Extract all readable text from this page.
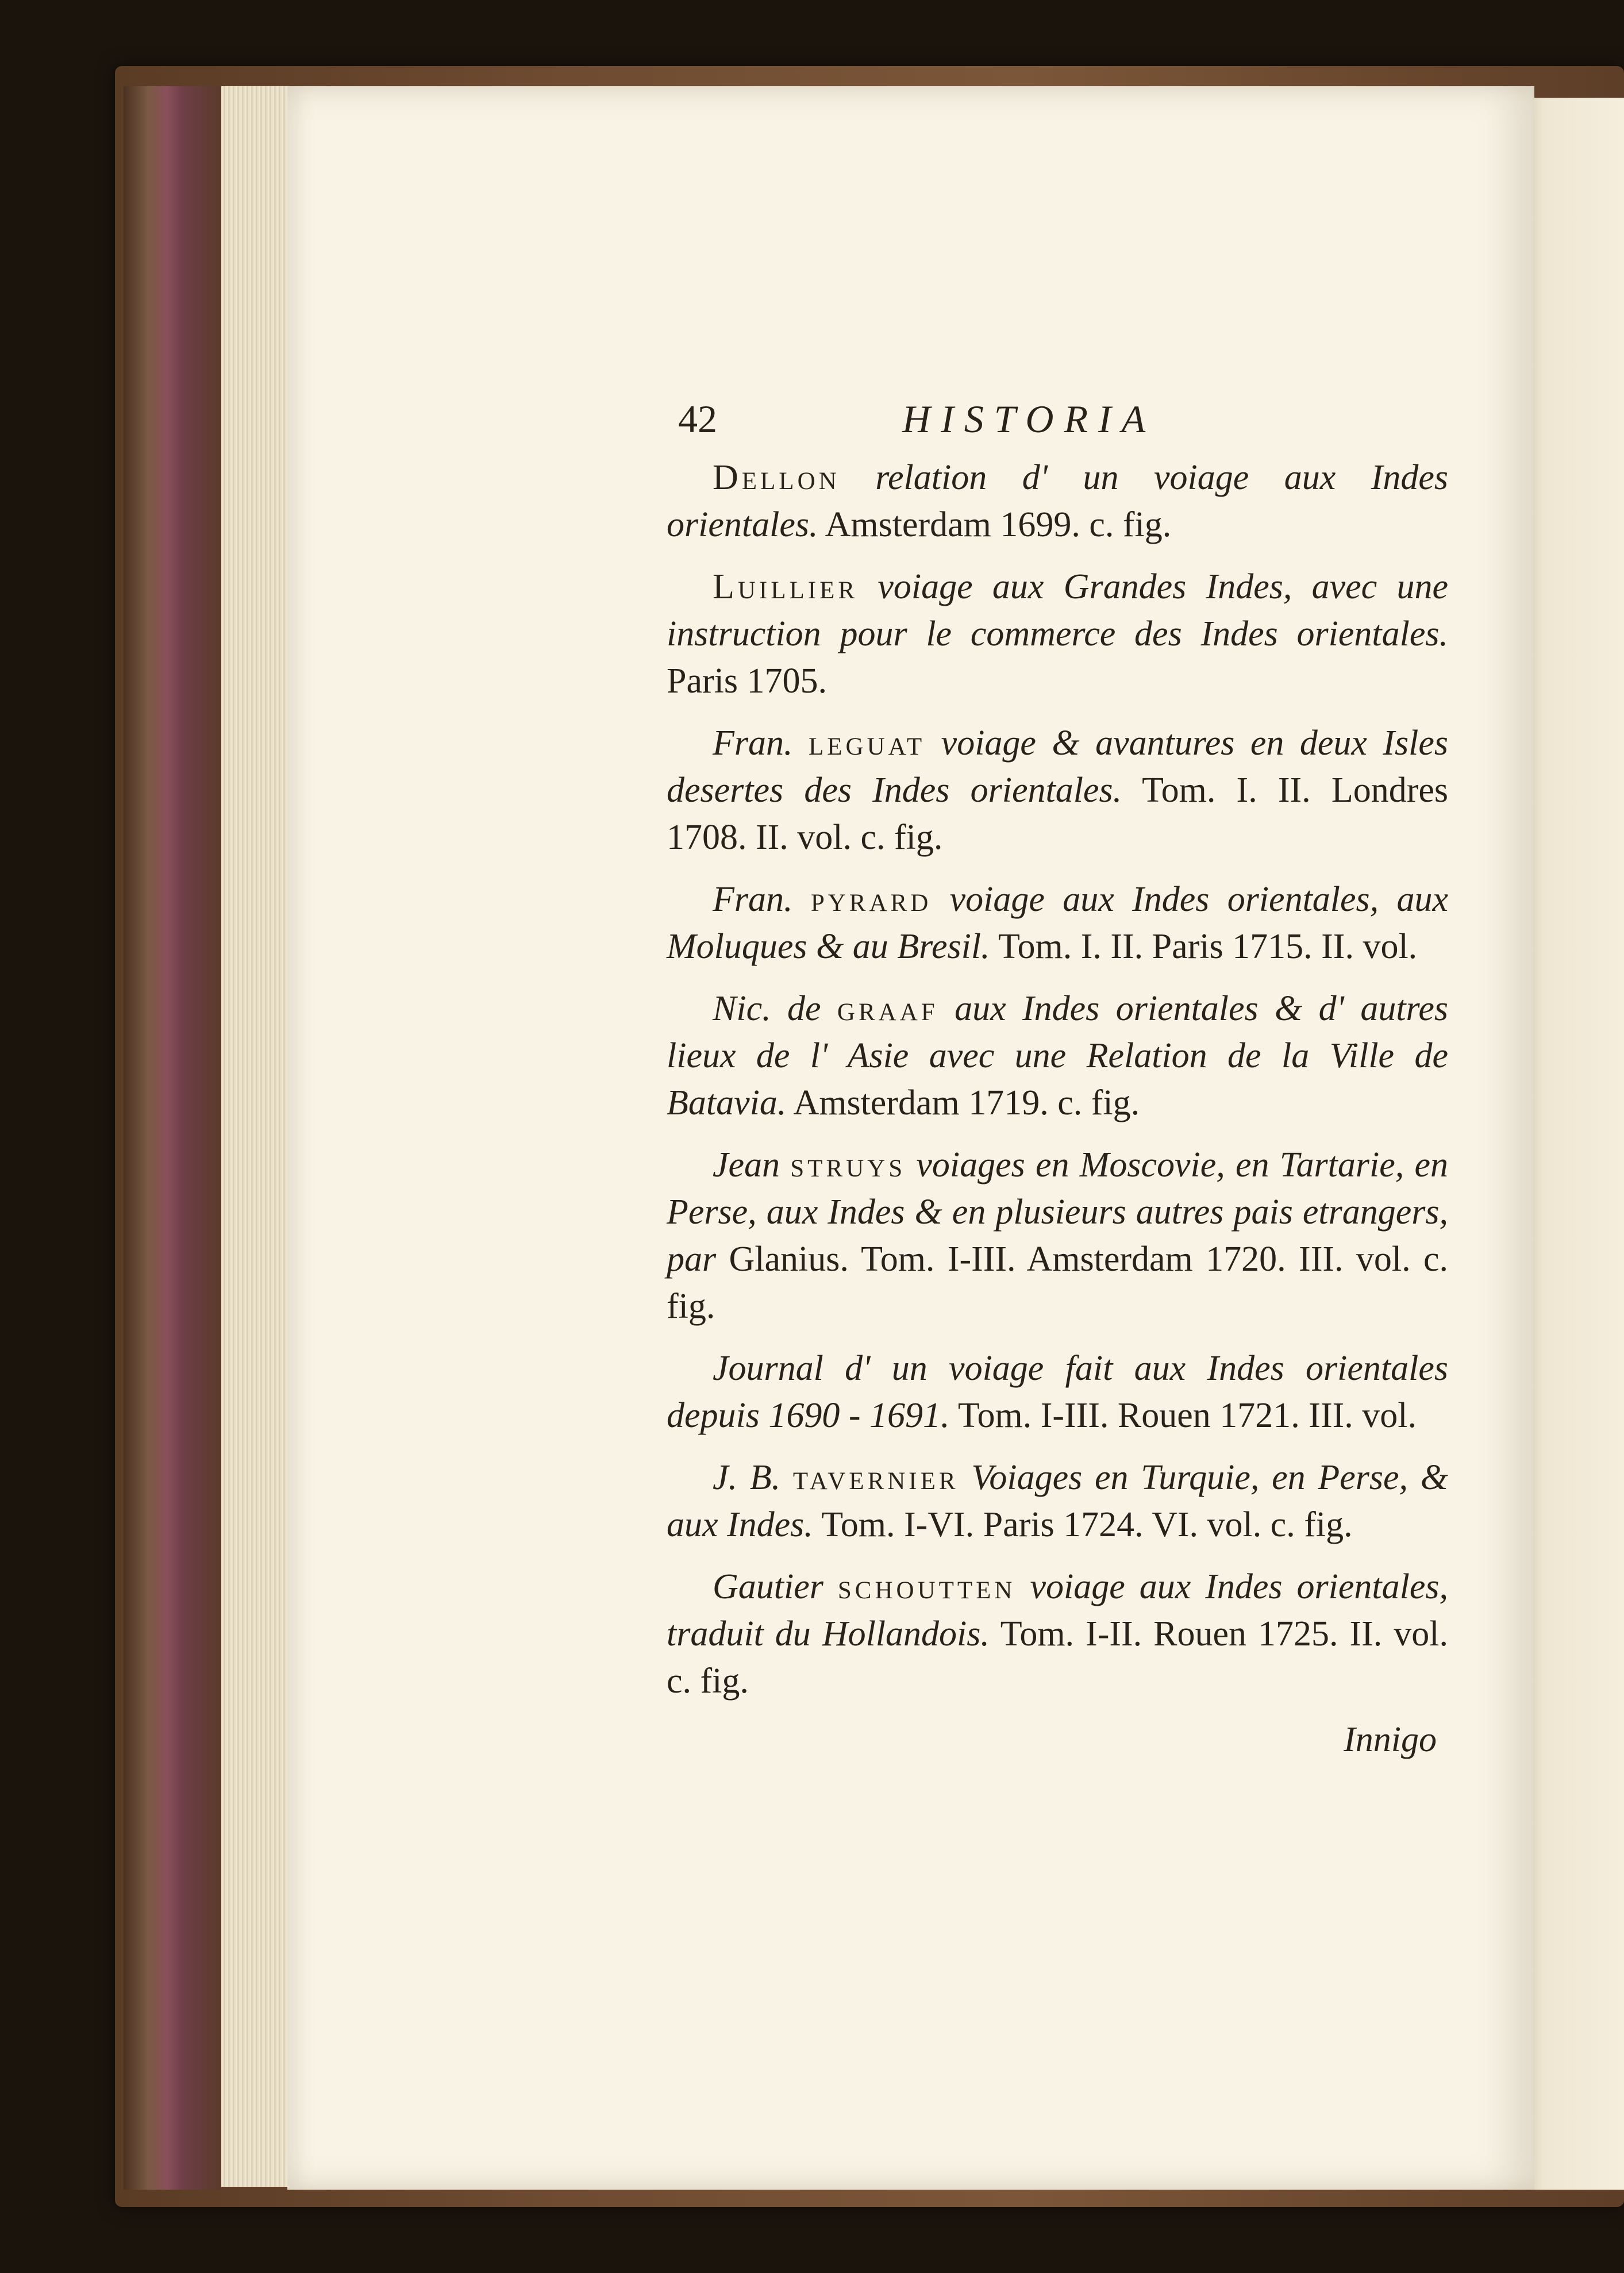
42	HISTORIA

Dellon relation d' un voiage aux Indes orientales. Amsterdam 1699. c. fig.

Luillier voiage aux Grandes Indes, avec une instruction pour le commerce des Indes orientales. Paris 1705.

Fran. leguat voiage & avantures en deux Isles desertes des Indes orientales. Tom. I. II. Londres 1708. II. vol. c. fig.

Fran. pyrard voiage aux Indes orientales, aux Moluques & au Bresil. Tom. I. II. Paris 1715. II. vol.

Nic. de graaf aux Indes orientales & d' autres lieux de l' Asie avec une Relation de la Ville de Batavia. Amsterdam 1719. c. fig.

Jean struys voiages en Moscovie, en Tartarie, en Perse, aux Indes & en plusieurs autres pais etrangers, par Glanius. Tom. I-III. Amsterdam 1720. III. vol. c. fig.

Journal d' un voiage fait aux Indes orientales depuis 1690 - 1691. Tom. I-III. Rouen 1721. III. vol.

J. B. tavernier Voiages en Turquie, en Perse, & aux Indes. Tom. I-VI. Paris 1724. VI. vol. c. fig.

Gautier schoutten voiage aux Indes orientales, traduit du Hollandois. Tom. I-II. Rouen 1725. II. vol. c. fig.

Innigo
